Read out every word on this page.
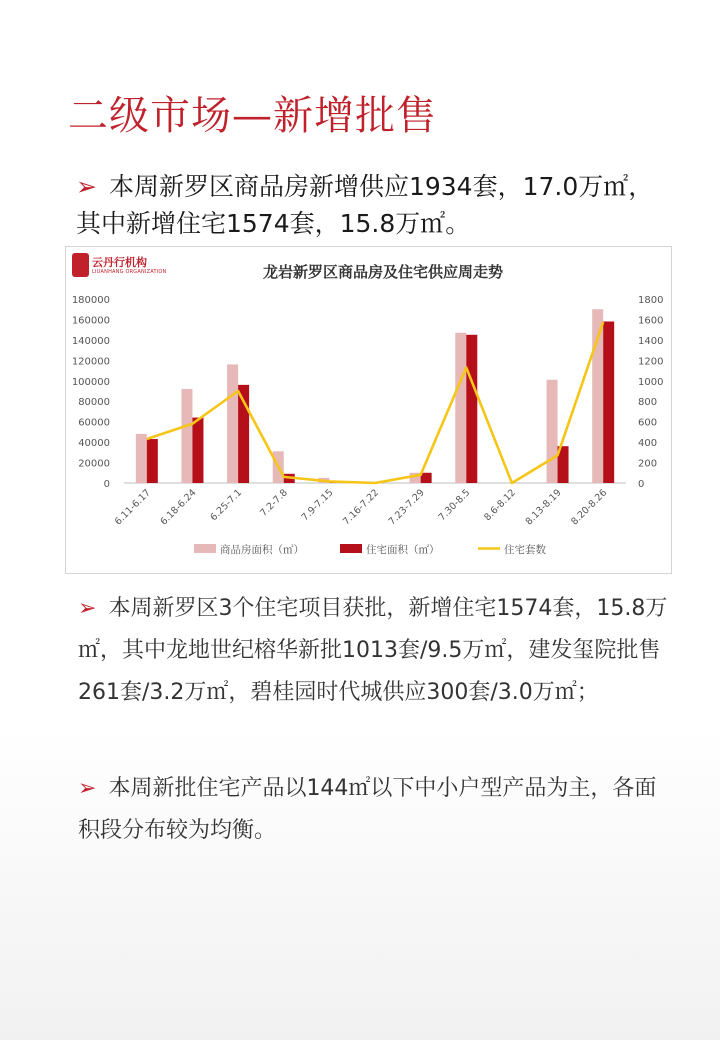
二级市场—新增批售
➢ 本周新罗区商品房新增供应1934套，17.0万㎡，其中新增住宅1574套，15.8万㎡。
云丹行机构
LIUANHANG ORGANIZATION	龙岩新罗区商品房及住宅供应周走势
180000
160000
140000
120000
100000
80000
60000
40000
20000
0
1800
1600
1400
1200
1000
800
600
400
200
0
6.11-6.17 6.18-6.24 6.25-7.1 7.2-7.8 7.9-7.15 7.16-7.22 7.23-7.29 7.30-8.5 8.6-8.12 8.13-8.19 8.20-8.26
商品房面积（㎡）	住宅面积（㎡）	住宅套数
➢ 本周新罗区3个住宅项目获批，新增住宅1574套，15.8万㎡，其中龙地世纪榕华新批1013套/9.5万㎡，建发玺院批售261套/3.2万㎡，碧桂园时代城供应300套/3.0万㎡；
➢ 本周新批住宅产品以144㎡以下中小户型产品为主，各面积段分布较为均衡。
